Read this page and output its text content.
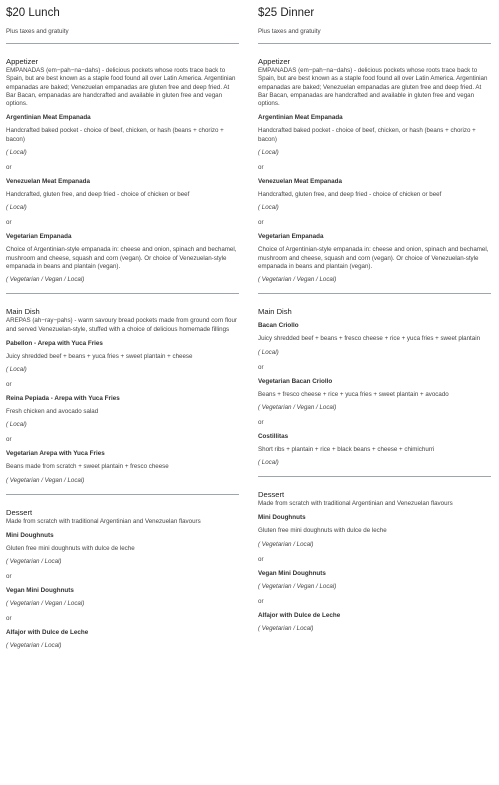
$20 Lunch
Plus taxes and gratuity
Appetizer
EMPANADAS (em−pah−na−dahs) - delicious pockets whose roots trace back to Spain, but are best known as a staple food found all over Latin America. Argentinian empanadas are baked; Venezuelan empanadas are gluten free and deep fried. At Bar Bacan, empanadas are handcrafted and available in gluten free and vegan options.
Argentinian Meat Empanada
Handcrafted baked pocket - choice of beef, chicken, or hash (beans + chorizo + bacon)
( Local)
or
Venezuelan Meat Empanada
Handcrafted, gluten free, and deep fried - choice of chicken or beef
( Local)
or
Vegetarian Empanada
Choice of Argentinian-style empanada in: cheese and onion, spinach and bechamel, mushroom and cheese, squash and corn (vegan). Or choice of Venezuelan-style empanada in beans and plantain (vegan).
( Vegetarian / Vegan / Local)
Main Dish
AREPAS (ah−ray−pahs) - warm savoury bread pockets made from ground corn flour and served Venezuelan-style, stuffed with a choice of delicious homemade fillings
Pabellon - Arepa with Yuca Fries
Juicy shredded beef + beans + yuca fries + sweet plantain + cheese
( Local)
or
Reina Pepiada - Arepa with Yuca Fries
Fresh chicken and avocado salad
( Local)
or
Vegetarian Arepa with Yuca Fries
Beans made from scratch + sweet plantain + fresco cheese
( Vegetarian / Vegan / Local)
Dessert
Made from scratch with traditional Argentinian and Venezuelan flavours
Mini Doughnuts
Gluten free mini doughnuts with dulce de leche
( Vegetarian / Local)
or
Vegan Mini Doughnuts
( Vegetarian / Vegan / Local)
or
Alfajor with Dulce de Leche
( Vegetarian / Local)
$25 Dinner
Plus taxes and gratuity
Appetizer
EMPANADAS (em−pah−na−dahs) - delicious pockets whose roots trace back to Spain, but are best known as a staple food found all over Latin America. Argentinian empanadas are baked; Venezuelan empanadas are gluten free and deep fried. At Bar Bacan, empanadas are handcrafted and available in gluten free and vegan options.
Argentinian Meat Empanada
Handcrafted baked pocket - choice of beef, chicken, or hash (beans + chorizo + bacon)
( Local)
or
Venezuelan Meat Empanada
Handcrafted, gluten free, and deep fried - choice of chicken or beef
( Local)
or
Vegetarian Empanada
Choice of Argentinian-style empanada in: cheese and onion, spinach and bechamel, mushroom and cheese, squash and corn (vegan). Or choice of Venezuelan-style empanada in beans and plantain (vegan).
( Vegetarian / Vegan / Local)
Main Dish
Bacan Criollo
Juicy shredded beef + beans + fresco cheese + rice + yuca fries + sweet plantain
( Local)
or
Vegetarian Bacan Criollo
Beans + fresco cheese + rice + yuca fries + sweet plantain + avocado
( Vegetarian / Vegan / Local)
or
Costillitas
Short ribs + plantain + rice + black beans + cheese + chimichurri
( Local)
Dessert
Made from scratch with traditional Argentinian and Venezuelan flavours
Mini Doughnuts
Gluten free mini doughnuts with dulce de leche
( Vegetarian / Local)
or
Vegan Mini Doughnuts
( Vegetarian / Vegan / Local)
or
Alfajor with Dulce de Leche
( Vegetarian / Local)
